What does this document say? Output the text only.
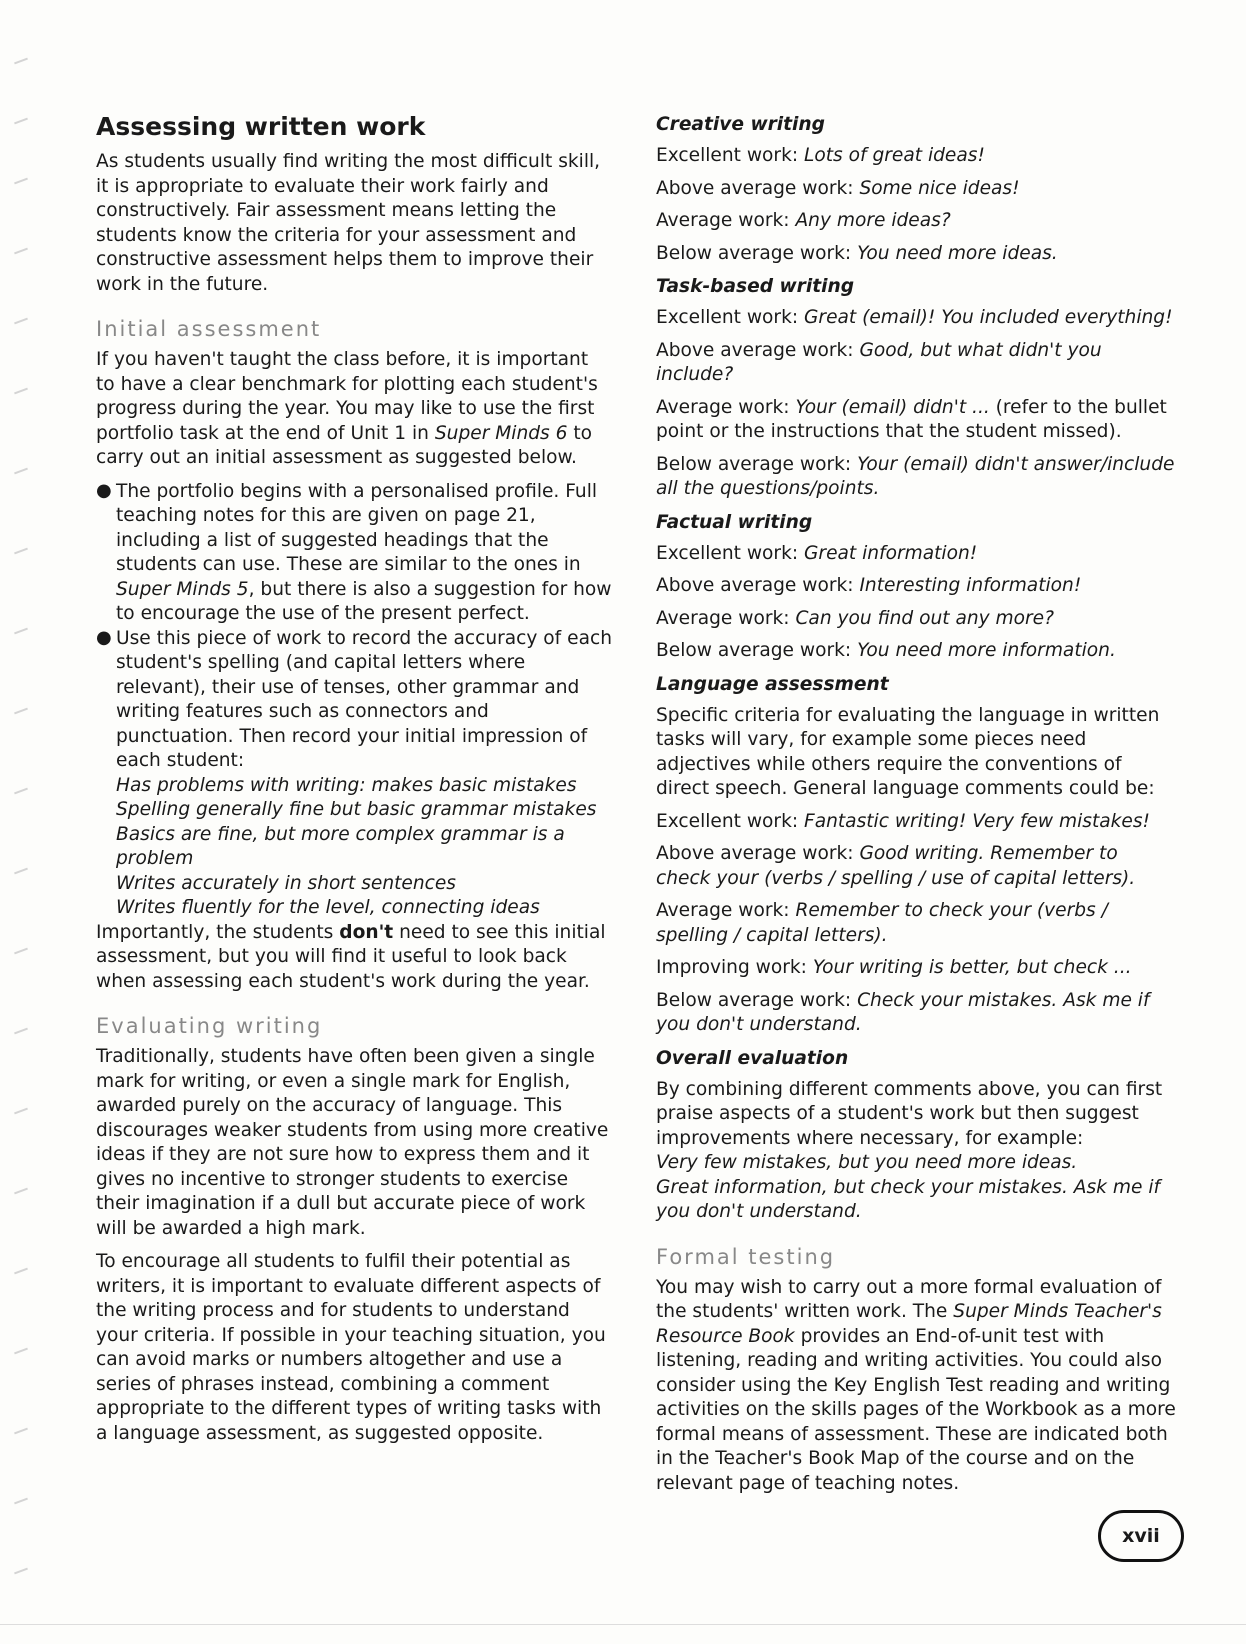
Assessing written work

As students usually find writing the most difficult skill, it is appropriate to evaluate their work fairly and constructively. Fair assessment means letting the students know the criteria for your assessment and constructive assessment helps them to improve their work in the future.

Initial assessment

If you haven't taught the class before, it is important to have a clear benchmark for plotting each student's progress during the year. You may like to use the first portfolio task at the end of Unit 1 in Super Minds 6 to carry out an initial assessment as suggested below.

● The portfolio begins with a personalised profile. Full teaching notes for this are given on page 21, including a list of suggested headings that the students can use. These are similar to the ones in Super Minds 5, but there is also a suggestion for how to encourage the use of the present perfect.

● Use this piece of work to record the accuracy of each student's spelling (and capital letters where relevant), their use of tenses, other grammar and writing features such as connectors and punctuation. Then record your initial impression of each student:

Has problems with writing: makes basic mistakes

Spelling generally fine but basic grammar mistakes

Basics are fine, but more complex grammar is a problem

Writes accurately in short sentences

Writes fluently for the level, connecting ideas

Importantly, the students don't need to see this initial assessment, but you will find it useful to look back when assessing each student's work during the year.

Evaluating writing

Traditionally, students have often been given a single mark for writing, or even a single mark for English, awarded purely on the accuracy of language. This discourages weaker students from using more creative ideas if they are not sure how to express them and it gives no incentive to stronger students to exercise their imagination if a dull but accurate piece of work will be awarded a high mark.

To encourage all students to fulfil their potential as writers, it is important to evaluate different aspects of the writing process and for students to understand your criteria. If possible in your teaching situation, you can avoid marks or numbers altogether and use a series of phrases instead, combining a comment appropriate to the different types of writing tasks with a language assessment, as suggested opposite.

Creative writing

Excellent work: Lots of great ideas!

Above average work: Some nice ideas!

Average work: Any more ideas?

Below average work: You need more ideas.

Task-based writing

Excellent work: Great (email)! You included everything!

Above average work: Good, but what didn't you include?

Average work: Your (email) didn't ... (refer to the bullet point or the instructions that the student missed).

Below average work: Your (email) didn't answer/include all the questions/points.

Factual writing

Excellent work: Great information!

Above average work: Interesting information!

Average work: Can you find out any more?

Below average work: You need more information.

Language assessment

Specific criteria for evaluating the language in written tasks will vary, for example some pieces need adjectives while others require the conventions of direct speech. General language comments could be:

Excellent work: Fantastic writing! Very few mistakes!

Above average work: Good writing. Remember to check your (verbs / spelling / use of capital letters).

Average work: Remember to check your (verbs / spelling / capital letters).

Improving work: Your writing is better, but check ...

Below average work: Check your mistakes. Ask me if you don't understand.

Overall evaluation

By combining different comments above, you can first praise aspects of a student's work but then suggest improvements where necessary, for example:

Very few mistakes, but you need more ideas.

Great information, but check your mistakes. Ask me if you don't understand.

Formal testing

You may wish to carry out a more formal evaluation of the students' written work. The Super Minds Teacher's Resource Book provides an End-of-unit test with listening, reading and writing activities. You could also consider using the Key English Test reading and writing activities on the skills pages of the Workbook as a more formal means of assessment. These are indicated both in the Teacher's Book Map of the course and on the relevant page of teaching notes.

xvii
